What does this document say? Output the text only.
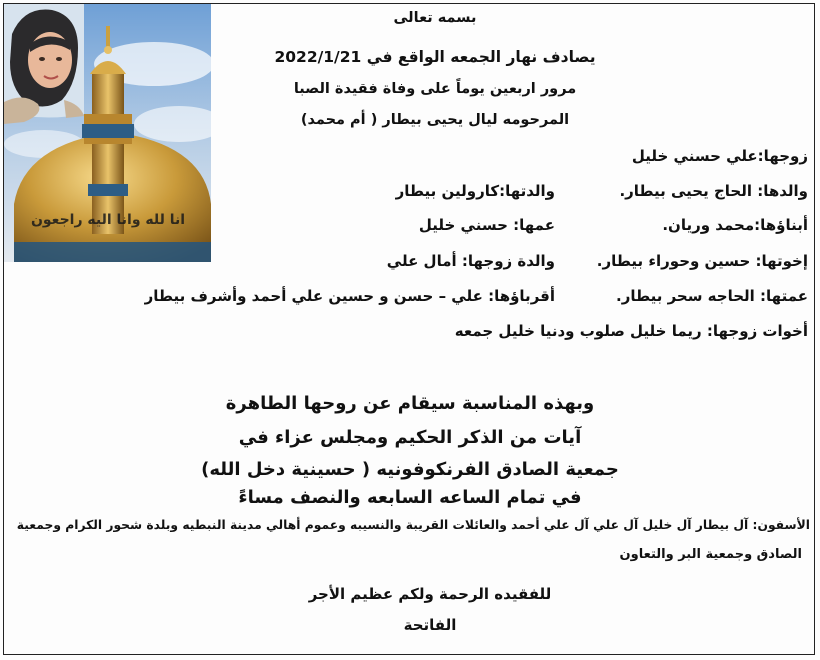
انا لله وانا اليه راجعون
بسمه تعالى
يصادف نهار الجمعه الواقع في 2022/1/21
مرور اربعين يوماً على وفاة فقيدة الصبا
المرحومه ليال يحيى بيطار ( أم محمد)
زوجها:علي حسني خليل
والدها: الحاج يحيى بيطار.
والدتها:كارولين بيطار
أبناؤها:محمد وريان.
عمها: حسني خليل
إخوتها: حسين وحوراء بيطار.
والدة زوجها: أمال علي
عمتها: الحاجه سحر بيطار.
أقرباؤها: علي – حسن و حسين علي أحمد وأشرف بيطار
أخوات زوجها: ريما خليل صلوب ودنيا خليل جمعه
وبهذه المناسبة سيقام عن روحها الطاهرة
آيات من الذكر الحكيم ومجلس عزاء في
جمعية الصادق الفرنكوفونيه ( حسينية دخل الله)
في تمام الساعه السابعه والنصف مساءً
الأسفون: آل بيطار آل خليل آل علي آل علي أحمد والعائلات القريبة والنسيبه وعموم أهالي مدينة النبطيه وبلدة شحور الكرام وجمعية
الصادق وجمعية البر والتعاون
للفقيده الرحمة ولكم عظيم الأجر
الفاتحة
